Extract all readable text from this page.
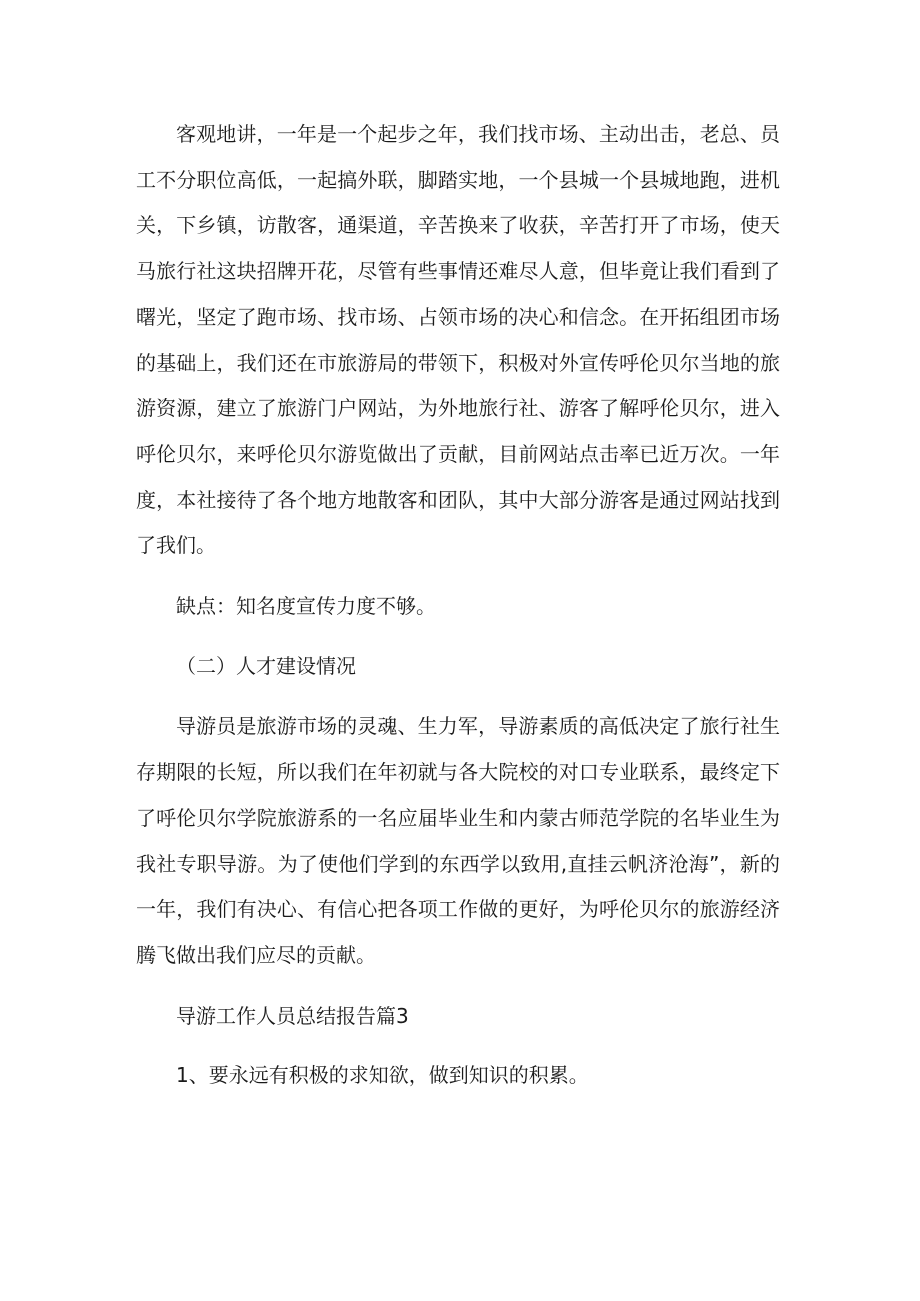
客观地讲，一年是一个起步之年，我们找市场、主动出击，老总、员工不分职位高低，一起搞外联，脚踏实地，一个县城一个县城地跑，进机关，下乡镇，访散客，通渠道，辛苦换来了收获，辛苦打开了市场，使天马旅行社这块招牌开花，尽管有些事情还难尽人意，但毕竟让我们看到了曙光，坚定了跑市场、找市场、占领市场的决心和信念。在开拓组团市场的基础上，我们还在市旅游局的带领下，积极对外宣传呼伦贝尔当地的旅游资源，建立了旅游门户网站，为外地旅行社、游客了解呼伦贝尔，进入呼伦贝尔，来呼伦贝尔游览做出了贡献，目前网站点击率已近万次。一年度，本社接待了各个地方地散客和团队，其中大部分游客是通过网站找到了我们。

缺点：知名度宣传力度不够。

（二）人才建设情况

导游员是旅游市场的灵魂、生力军，导游素质的高低决定了旅行社生存期限的长短，所以我们在年初就与各大院校的对口专业联系，最终定下了呼伦贝尔学院旅游系的一名应届毕业生和内蒙古师范学院的名毕业生为我社专职导游。为了使他们学到的东西学以致用,直挂云帆济沧海”，新的一年，我们有决心、有信心把各项工作做的更好，为呼伦贝尔的旅游经济腾飞做出我们应尽的贡献。

导游工作人员总结报告篇3

1、要永远有积极的求知欲，做到知识的积累。
